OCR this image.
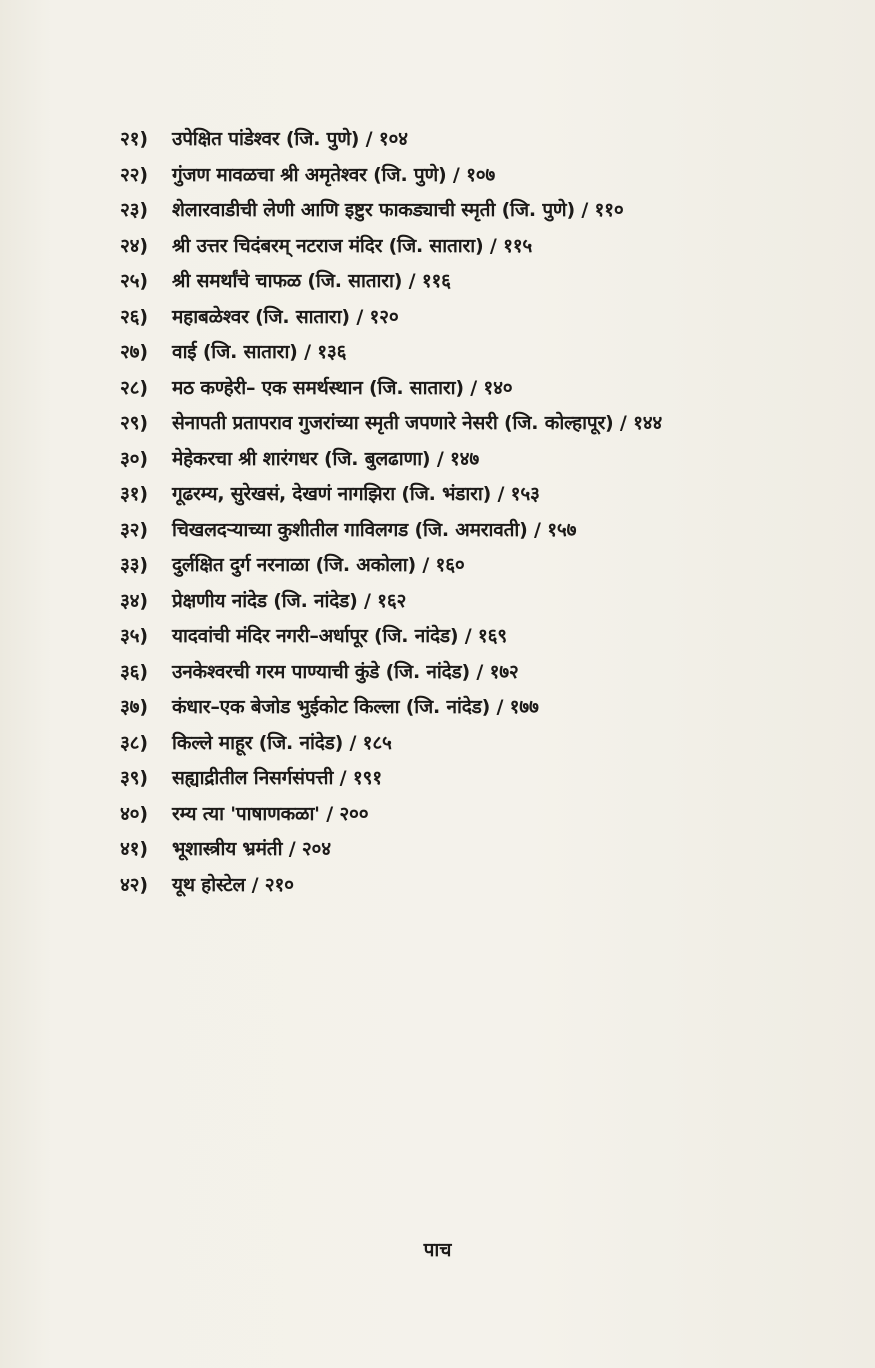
२१) उपेक्षित पांडेश्वर (जि. पुणे) / १०४
२२) गुंजण मावळचा श्री अमृतेश्वर (जि. पुणे) / १०७
२३) शेलारवाडीची लेणी आणि इष्टुर फाकड्याची स्मृती (जि. पुणे) / ११०
२४) श्री उत्तर चिदंबरम् नटराज मंदिर (जि. सातारा) / ११५
२५) श्री समर्थांचे चाफळ (जि. सातारा) / ११६
२६) महाबळेश्वर (जि. सातारा) / १२०
२७) वाई (जि. सातारा) / १३६
२८) मठ कण्हेरी– एक समर्थस्थान (जि. सातारा) / १४०
२९) सेनापती प्रतापराव गुजरांच्या स्मृती जपणारे नेसरी (जि. कोल्हापूर) / १४४
३०) मेहेकरचा श्री शारंगधर (जि. बुलढाणा) / १४७
३१) गूढरम्य, सुरेखसं, देखणं नागझिरा (जि. भंडारा) / १५३
३२) चिखलदऱ्याच्या कुशीतील गाविलगड (जि. अमरावती) / १५७
३३) दुर्लक्षित दुर्ग नरनाळा (जि. अकोला) / १६०
३४) प्रेक्षणीय नांदेड (जि. नांदेड) / १६२
३५) यादवांची मंदिर नगरी–अर्धापूर (जि. नांदेड) / १६९
३६) उनकेश्वरची गरम पाण्याची कुंडे (जि. नांदेड) / १७२
३७) कंधार–एक बेजोड भुईकोट किल्ला (जि. नांदेड) / १७७
३८) किल्ले माहूर (जि. नांदेड) / १८५
३९) सह्याद्रीतील निसर्गसंपत्ती / १९१
४०) रम्य त्या 'पाषाणकळा' / २००
४१) भूशास्त्रीय भ्रमंती / २०४
४२) यूथ होस्टेल / २१०
पाच
